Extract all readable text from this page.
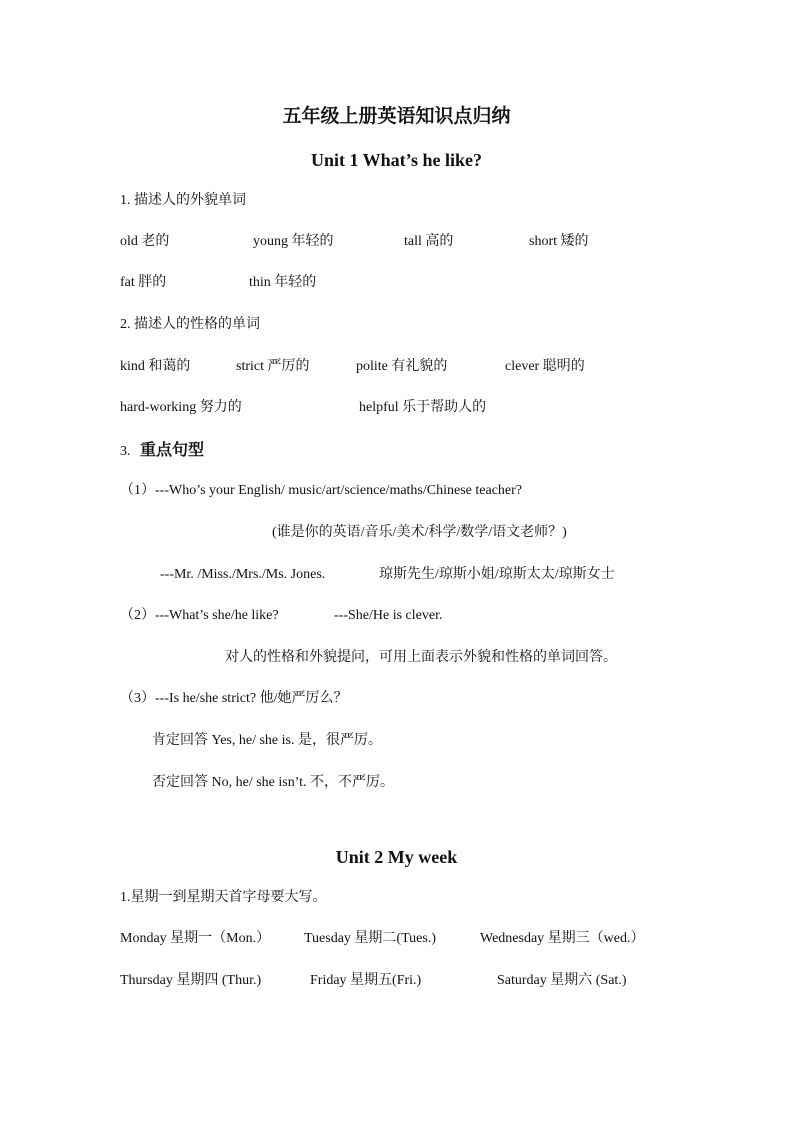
五年级上册英语知识点归纳
Unit 1 What’s he like?
1. 描述人的外貌单词
old 老的	young 年轻的	tall 高的	short 矮的
fat 胖的	thin 年轻的
2. 描述人的性格的单词
kind 和蔼的	strict 严厉的	polite 有礼貌的	clever 聪明的
hard-working 努力的	helpful 乐于帮助人的
3. 重点句型
（1）---Who’s your English/ music/art/science/maths/Chinese teacher?
(谁是你的英语/音乐/美术/科学/数学/语文老师？)
---Mr. /Miss./Mrs./Ms. Jones.	琼斯先生/琼斯小姐/琼斯太太/琼斯女士
（2）---What’s she/he like?	---She/He is clever.
对人的性格和外貌提问，可用上面表示外貌和性格的单词回答。
（3）---Is he/she strict? 他/她严厉么？
肯定回答 Yes, he/ she is. 是，很严厉。
否定回答 No, he/ she isn’t. 不，不严厉。
Unit 2 My week
1.星期一到星期天首字母要大写。
Monday 星期一（Mon.） Tuesday 星期二(Tues.)	Wednesday 星期三（wed.）
Thursday 星期四 (Thur.)	Friday 星期五(Fri.)	Saturday 星期六 (Sat.)
